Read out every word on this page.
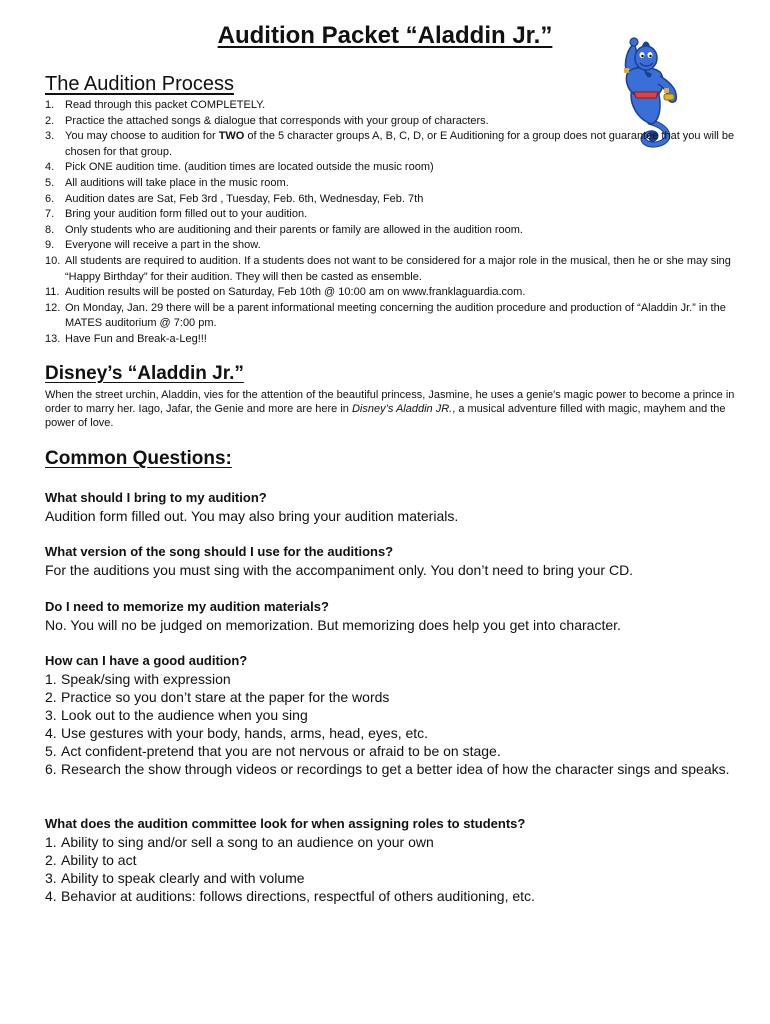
Audition Packet “Aladdin Jr.”
The Audition Process
1. Read through this packet COMPLETELY.
2. Practice the attached songs & dialogue that corresponds with your group of characters.
3. You may choose to audition for TWO of the 5 character groups A, B, C, D, or E Auditioning for a group does not guarantee that you will be chosen for that group.
4. Pick ONE audition time. (audition times are located outside the music room)
5. All auditions will take place in the music room.
6. Audition dates are Sat, Feb 3rd , Tuesday, Feb. 6th, Wednesday, Feb. 7th
7. Bring your audition form filled out to your audition.
8. Only students who are auditioning and their parents or family are allowed in the audition room.
9. Everyone will receive a part in the show.
10. All students are required to audition. If a students does not want to be considered for a major role in the musical, then he or she may sing “Happy Birthday” for their audition. They will then be casted as ensemble.
11. Audition results will be posted on Saturday, Feb 10th @ 10:00 am on www.franklaguardia.com.
12. On Monday, Jan. 29 there will be a parent informational meeting concerning the audition procedure and production of “Aladdin Jr.” in the MATES auditorium @ 7:00 pm.
13. Have Fun and Break-a-Leg!!!
Disney’s “Aladdin Jr.”
When the street urchin, Aladdin, vies for the attention of the beautiful princess, Jasmine, he uses a genie's magic power to become a prince in order to marry her. Iago, Jafar, the Genie and more are here in Disney’s Aladdin JR., a musical adventure filled with magic, mayhem and the power of love.
Common Questions:
What should I bring to my audition?
Audition form filled out. You may also bring your audition materials.
What version of the song should I use for the auditions?
For the auditions you must sing with the accompaniment only. You don’t need to bring your CD.
Do I need to memorize my audition materials?
No. You will no be judged on memorization. But memorizing does help you get into character.
How can I have a good audition?
1. Speak/sing with expression
2. Practice so you don’t stare at the paper for the words
3. Look out to the audience when you sing
4. Use gestures with your body, hands, arms, head, eyes, etc.
5. Act confident-pretend that you are not nervous or afraid to be on stage.
6. Research the show through videos or recordings to get a better idea of how the character sings and speaks.
What does the audition committee look for when assigning roles to students?
1. Ability to sing and/or sell a song to an audience on your own
2. Ability to act
3. Ability to speak clearly and with volume
4. Behavior at auditions: follows directions, respectful of others auditioning, etc.
